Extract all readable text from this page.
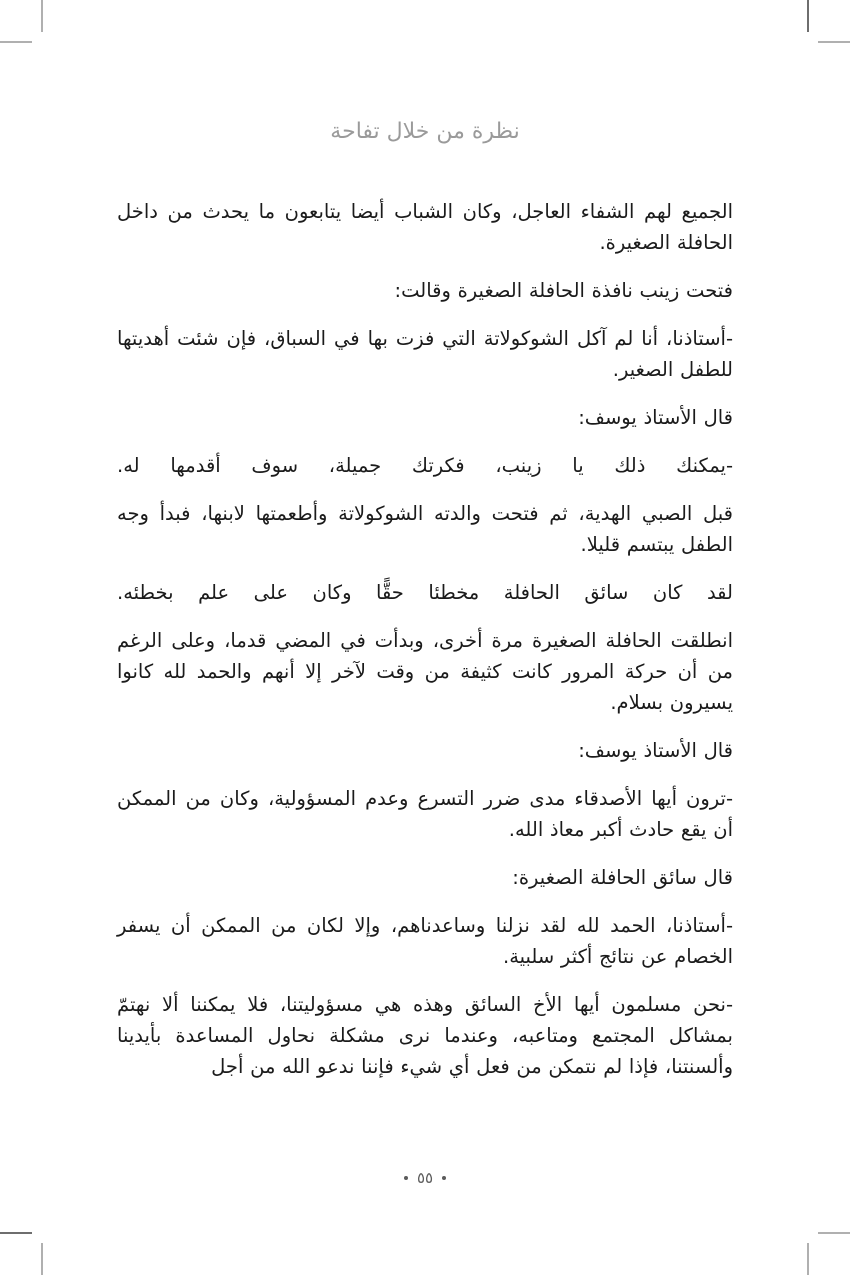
نظرة من خلال تفاحة

الجميع لهم الشفاء العاجل، وكان الشباب أيضا يتابعون ما يحدث من داخل الحافلة الصغيرة.

فتحت زينب نافذة الحافلة الصغيرة وقالت:

-أستاذنا، أنا لم آكل الشوكولاتة التي فزت بها في السباق، فإن شئت أهديتها للطفل الصغير.

قال الأستاذ يوسف:

-يمكنك ذلك يا زينب، فكرتك جميلة، سوف أقدمها له.

قبل الصبي الهدية، ثم فتحت والدته الشوكولاتة وأطعمتها لابنها، فبدأ وجه الطفل يبتسم قليلا.

لقد كان سائق الحافلة مخطئا حقًّا وكان على علم بخطئه.

انطلقت الحافلة الصغيرة مرة أخرى، وبدأت في المضي قدما، وعلى الرغم من أن حركة المرور كانت كثيفة من وقت لآخر إلا أنهم والحمد لله كانوا يسيرون بسلام.

قال الأستاذ يوسف:

-ترون أيها الأصدقاء مدى ضرر التسرع وعدم المسؤولية، وكان من الممكن أن يقع حادث أكبر معاذ الله.

قال سائق الحافلة الصغيرة:

-أستاذنا، الحمد لله لقد نزلنا وساعدناهم، وإلا لكان من الممكن أن يسفر الخصام عن نتائج أكثر سلبية.

-نحن مسلمون أيها الأخ السائق وهذه هي مسؤوليتنا، فلا يمكننا ألا نهتمّ بمشاكل المجتمع ومتاعبه، وعندما نرى مشكلة نحاول المساعدة بأيدينا وألسنتنا، فإذا لم نتمكن من فعل أي شيء فإننا ندعو الله من أجل

٥٥
